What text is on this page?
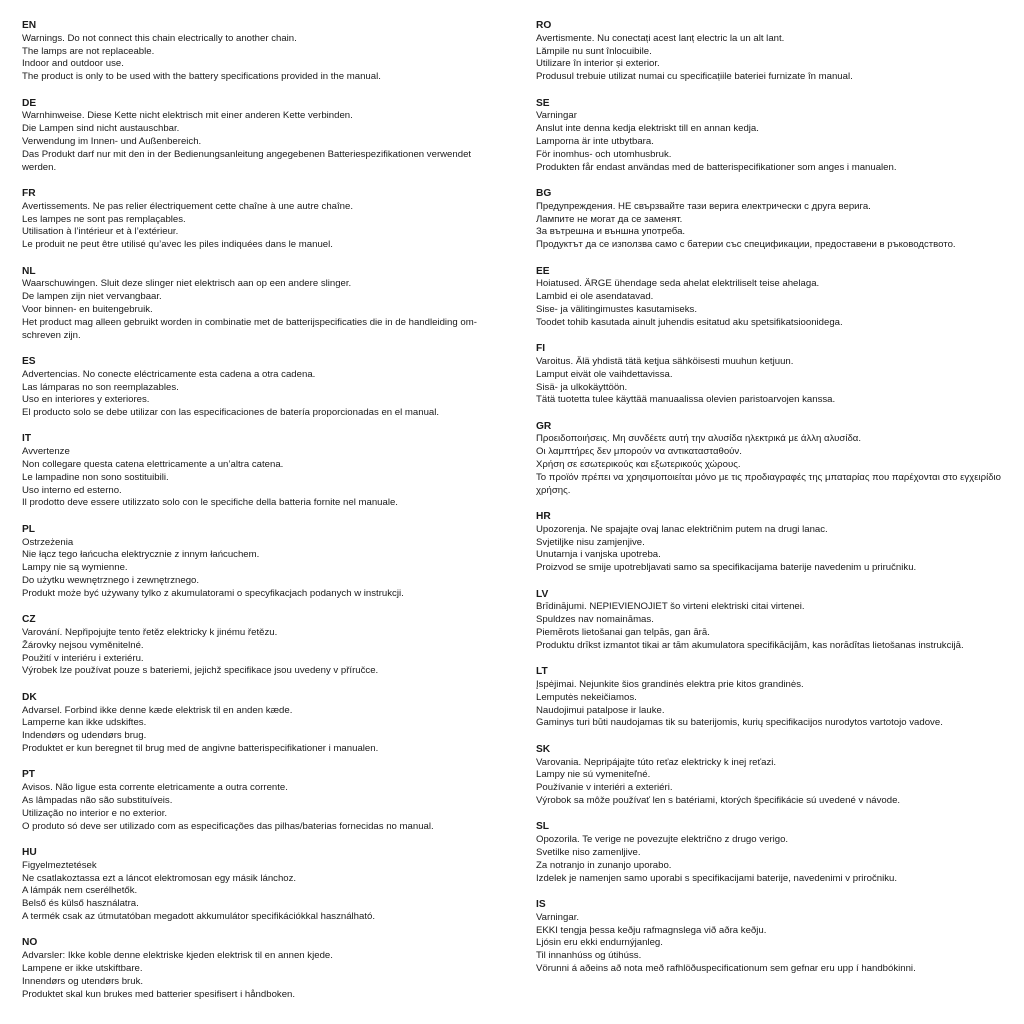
EN
Warnings. Do not connect this chain electrically to another chain.
The lamps are not replaceable.
Indoor and outdoor use.
The product is only to be used with the battery specifications provided in the manual.
DE
Warnhinweise. Diese Kette nicht elektrisch mit einer anderen Kette verbinden.
Die Lampen sind nicht austauschbar.
Verwendung im Innen- und Außenbereich.
Das Produkt darf nur mit den in der Bedienungsanleitung angegebenen Batteriespezifikationen verwendet
werden.
FR
Avertissements. Ne pas relier électriquement cette chaîne à une autre chaîne.
Les lampes ne sont pas remplaçables.
Utilisation à l’intérieur et à l’extérieur.
Le produit ne peut être utilisé qu’avec les piles indiquées dans le manuel.
NL
Waarschuwingen. Sluit deze slinger niet elektrisch aan op een andere slinger.
De lampen zijn niet vervangbaar.
Voor binnen- en buitengebruik.
Het product mag alleen gebruikt worden in combinatie met de batterijspecificaties die in de handleiding om-
schreven zijn.
ES
Advertencias. No conecte eléctricamente esta cadena a otra cadena.
Las lámparas no son reemplazables.
Uso en interiores y exteriores.
El producto solo se debe utilizar con las especificaciones de batería proporcionadas en el manual.
IT
Avvertenze
Non collegare questa catena elettricamente a un’altra catena.
Le lampadine non sono sostituibili.
Uso interno ed esterno.
Il prodotto deve essere utilizzato solo con le specifiche della batteria fornite nel manuale.
PL
Ostrzeżenia
Nie łącz tego łańcucha elektrycznie z innym łańcuchem.
Lampy nie są wymienne.
Do użytku wewnętrznego i zewnętrznego.
Produkt może być używany tylko z akumulatorami o specyfikacjach podanych w instrukcji.
CZ
Varování. Nepřipojujte tento řetěz elektricky k jinému řetězu.
Žárovky nejsou vyměnitelné.
Použití v interiéru i exteriéru.
Výrobek lze používat pouze s bateriemi, jejichž specifikace jsou uvedeny v příručce.
DK
Advarsel. Forbind ikke denne kæde elektrisk til en anden kæde.
Lamperne kan ikke udskiftes.
Indendørs og udendørs brug.
Produktet er kun beregnet til brug med de angivne batterispecifikationer i manualen.
PT
Avisos. Não ligue esta corrente eletricamente a outra corrente.
As lâmpadas não são substituíveis.
Utilização no interior e no exterior.
O produto só deve ser utilizado com as especificações das pilhas/baterias fornecidas no manual.
HU
Figyelmeztetések
Ne csatlakoztassa ezt a láncot elektromosan egy másik lánchoz.
A lámpák nem cserélhetők.
Belső és külső használatra.
A termék csak az útmutatóban megadott akkumulátor specifikációkkal használható.
NO
Advarsler: Ikke koble denne elektriske kjeden elektrisk til en annen kjede.
Lampene er ikke utskiftbare.
Innendørs og utendørs bruk.
Produktet skal kun brukes med batterier spesifisert i håndboken.
RO
Avertismente. Nu conectați acest lanț electric la un alt lant.
Lămpile nu sunt înlocuibile.
Utilizare în interior și exterior.
Produsul trebuie utilizat numai cu specificațiile bateriei furnizate în manual.
SE
Varningar
Anslut inte denna kedja elektriskt till en annan kedja.
Lamporna är inte utbytbara.
För inomhus- och utomhusbruk.
Produkten får endast användas med de batterispecifikationer som anges i manualen.
BG
Предупреждения. НЕ свързвайте тази верига електрически с друга верига.
Лампите не могат да се заменят.
За вътрешна и външна употреба.
Продуктът да се използва само с батерии със спецификации, предоставени в ръководството.
EE
Hoiatused. ÄRGE ühendage seda ahelat elektriliselt teise ahelaga.
Lambid ei ole asendatavad.
Sise- ja välitingimustes kasutamiseks.
Toodet tohib kasutada ainult juhendis esitatud aku spetsifikatsioonidega.
FI
Varoitus. Älä yhdistä tätä ketjua sähköisesti muuhun ketjuun.
Lamput eivät ole vaihdettavissa.
Sisä- ja ulkokäyttöön.
Tätä tuotetta tulee käyttää manuaalissa olevien paristoarvojen kanssa.
GR
Προειδοποιήσεις. Μη συνδέετε αυτή την αλυσίδα ηλεκτρικά με άλλη αλυσίδα.
Οι λαμπτήρες δεν μπορούν να αντικατασταθούν.
Χρήση σε εσωτερικούς και εξωτερικούς χώρους.
Το προϊόν πρέπει να χρησιμοποιείται μόνο με τις προδιαγραφές της μπαταρίας που παρέχονται στο εγχειρίδιο
χρήσης.
HR
Upozorenja. Ne spajajte ovaj lanac električnim putem na drugi lanac.
Svjetiljke nisu zamjenjive.
Unutarnja i vanjska upotreba.
Proizvod se smije upotrebljavati samo sa specifikacijama baterije navedenim u priručniku.
LV
Brīdinājumi. NEPIEVIENOJIET šo virteni elektriski citai virtenei.
Spuldzes nav nomaināmas.
Piemērots lietošanai gan telpās, gan ārā.
Produktu drīkst izmantot tikai ar tām akumulatora specifikācijām, kas norādītas lietošanas instrukcijā.
LT
Įspėjimai. Nejunkite šios grandinės elektra prie kitos grandinės.
Lemputės nekeičiamos.
Naudojimui patalpose ir lauke.
Gaminys turi būti naudojamas tik su baterijomis, kurių specifikacijos nurodytos vartotojo vadove.
SK
Varovania. Nepripájajte túto reťaz elektricky k inej reťazi.
Lampy nie sú vymeniteľné.
Používanie v interiéri a exteriéri.
Výrobok sa môže používať len s batériami, ktorých špecifikácie sú uvedené v návode.
SL
Opozorila. Te verige ne povezujte električno z drugo verigo.
Svetilke niso zamenljive.
Za notranjo in zunanjo uporabo.
Izdelek je namenjen samo uporabi s specifikacijami baterije, navedenimi v priročniku.
IS
Varningar.
EKKI tengja þessa keðju rafmagnslega við aðra keðju.
Ljósin eru ekki endurnýjanleg.
Til innanhúss og útihúss.
Vörunni á aðeins að nota með rafhlöðuspecificationum sem gefnar eru upp í handbókinni.
